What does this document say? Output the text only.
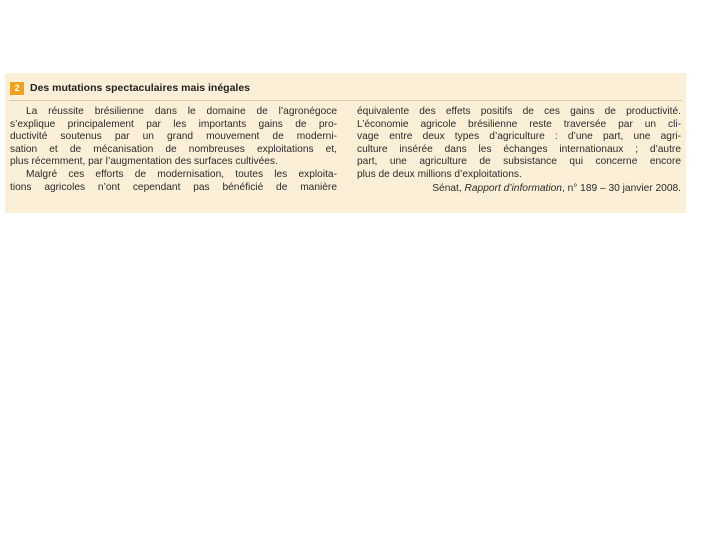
2	Des mutations spectaculaires mais inégales
La réussite brésilienne dans le domaine de l’agronégoce
s’explique principalement par les importants gains de pro-
ductivité soutenus par un grand mouvement de moderni-
sation et de mécanisation de nombreuses exploitations et,
plus récemment, par l’augmentation des surfaces cultivées.
Malgré ces efforts de modernisation, toutes les exploita-
tions agricoles n’ont cependant pas bénéficié de manière
équivalente des effets positifs de ces gains de productivité.
L’économie agricole brésilienne reste traversée par un cli-
vage entre deux types d’agriculture : d’une part, une agri-
culture insérée dans les échanges internationaux ; d’autre
part, une agriculture de subsistance qui concerne encore
plus de deux millions d’exploitations.
Sénat, Rapport d’information, n° 189 – 30 janvier 2008.
